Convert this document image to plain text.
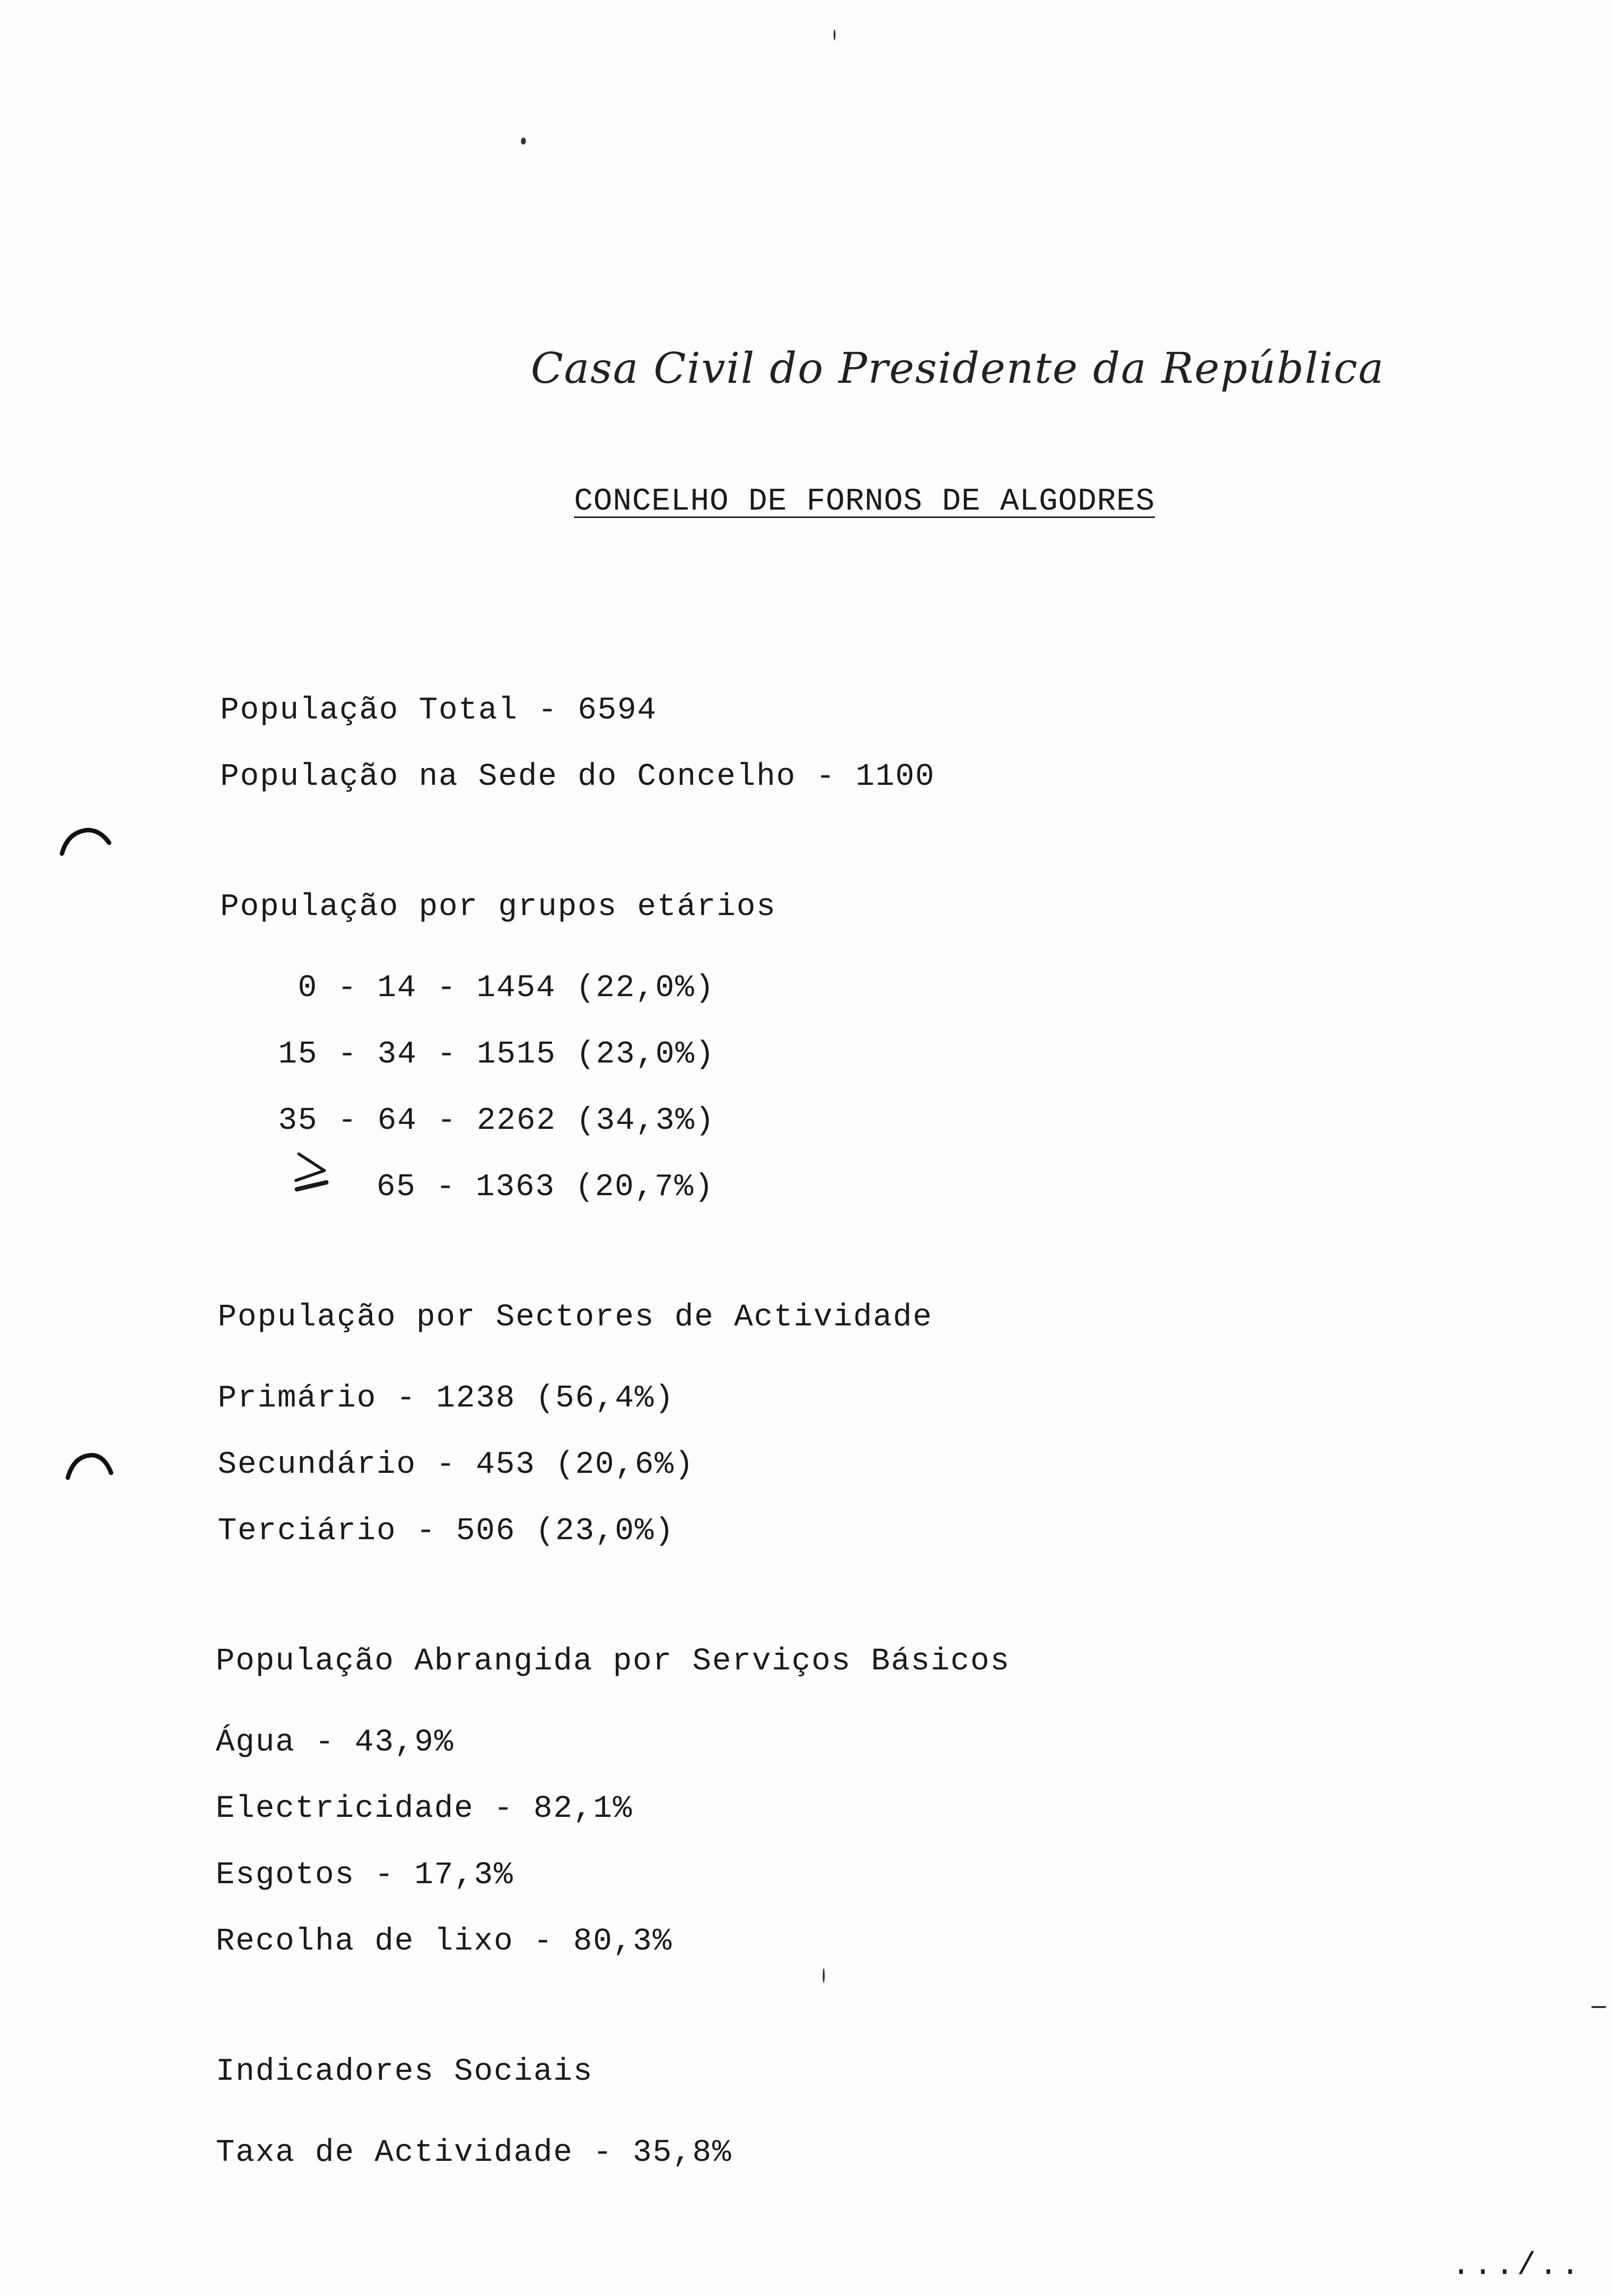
Casa Civil do Presidente da República
CONCELHO DE FORNOS DE ALGODRES
População Total - 6594
População na Sede do Concelho - 1100
População por grupos etários
0 - 14 - 1454 (22,0%)
15 - 34 - 1515 (23,0%)
35 - 64 - 2262 (34,3%)
65 - 1363 (20,7%)
População por Sectores de Actividade
Primário - 1238 (56,4%)
Secundário - 453 (20,6%)
Terciário - 506 (23,0%)
População Abrangida por Serviços Básicos
Água - 43,9%
Electricidade - 82,1%
Esgotos - 17,3%
Recolha de lixo - 80,3%
Indicadores Sociais
Taxa de Actividade - 35,8%
.../..
